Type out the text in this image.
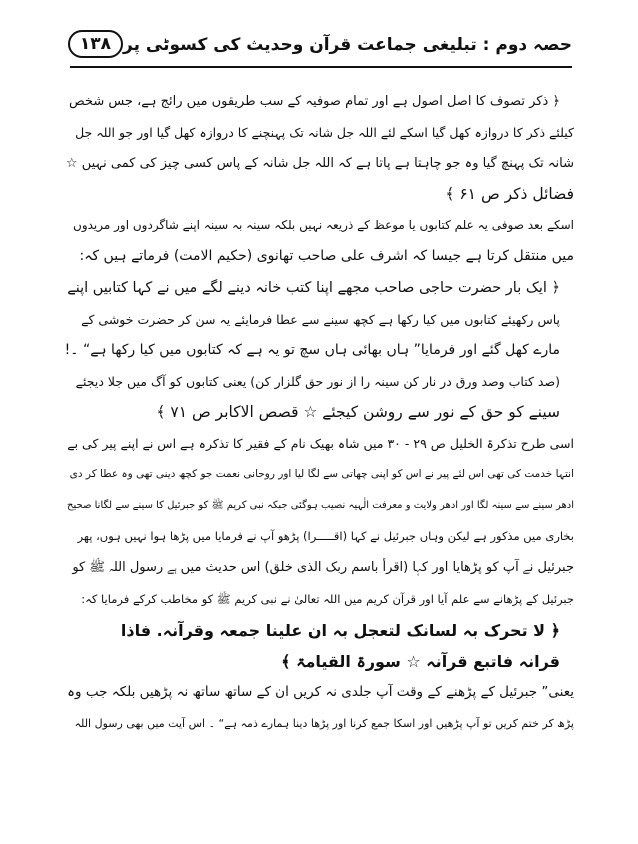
حصہ دوم : تبلیغی جماعت قرآن وحدیث کی کسوٹی پر
۱۳۸
﴿ ذکر تصوف کا اصل اصول ہے اور تمام صوفیہ کے سب طریقوں میں رائج ہے، جس شخص
کیلئے ذکر کا دروازہ کھل گیا اسکے لئے اللہ جل شانہ تک پہنچنے کا دروازہ کھل گیا اور جو اللہ جل
شانہ تک پہنچ گیا وہ جو چاہتا ہے پاتا ہے کہ اللہ جل شانہ کے پاس کسی چیز کی کمی نہیں ☆
فضائل ذکر ص ۶۱ ﴾
اسکے بعد صوفی یہ علم کتابوں یا موعظ کے ذریعہ نہیں بلکہ سینہ بہ سینہ اپنے شاگردوں اور مریدوں
میں منتقل کرتا ہے جیسا کہ اشرف علی صاحب تھانوی (حکیم الامت) فرماتے ہیں کہ:
﴿ ایک بار حضرت حاجی صاحب مجھے اپنا کتب خانہ دینے لگے میں نے کہا کتابیں اپنے
پاس رکھیئے کتابوں میں کیا رکھا ہے کچھ سینے سے عطا فرمایئے یہ سن کر حضرت خوشی کے
مارے کھل گئے اور فرمایا” ہاں بھائی ہاں سچ تو یہ ہے کہ کتابوں میں کیا رکھا ہے“ ۔!
(صد کتاب وصد ورق در نار کن سینہ را از نور حق گلزار کن) یعنی کتابوں کو آگ میں جلا دیجئے
سینے کو حق کے نور سے روشن کیجئے ☆ قصص الاکابر ص ۷۱ ﴾
اسی طرح تذکرۃ الخلیل ص ۲۹ - ۳۰ میں شاہ بھیک نام کے فقیر کا تذکرہ ہے اس نے اپنے پیر کی بے
انتہا خدمت کی تھی اس لئے پیر نے اس کو اپنی چھاتی سے لگا لیا اور روحانی نعمت جو کچھ دینی تھی وہ عطا کر دی
ادھر سینے سے سینہ لگا اور ادھر ولایت و معرفت الٰہیہ نصیب ہوگئی جبکہ نبی کریم ﷺ کو جبرئیل کا سینے سے لگانا صحیح
بخاری میں مذکور ہے لیکن وہاں جبرئیل نے کہا (اقـــــرا) پڑھو آپ نے فرمایا میں پڑھا ہوا نہیں ہوں، پھر
جبرئیل نے آپ کو پڑھایا اور کہا (اقرأ باسم ربک الذی خلق) اس حدیث میں ہے رسول اللہ ﷺ کو
جبرئیل کے پڑھانے سے علم آیا اور قرآن کریم میں اللہ تعالیٰ نے نبی کریم ﷺ کو مخاطب کرکے فرمایا کہ:
﴿ لا تحرک بہ لسانک لتعجل بہ ان علینا جمعہ وقرآنہ. فاذا
قرانہ فاتبع قرآنہ ☆ سورۃ القیامۃ ﴾
یعنی” جبرئیل کے پڑھنے کے وقت آپ جلدی نہ کریں ان کے ساتھ ساتھ نہ پڑھیں بلکہ جب وہ
پڑھ کر ختم کریں تو آپ پڑھیں اور اسکا جمع کرنا اور پڑھا دینا ہمارے ذمہ ہے“ ۔ اس آیت میں بھی رسول اللہ
